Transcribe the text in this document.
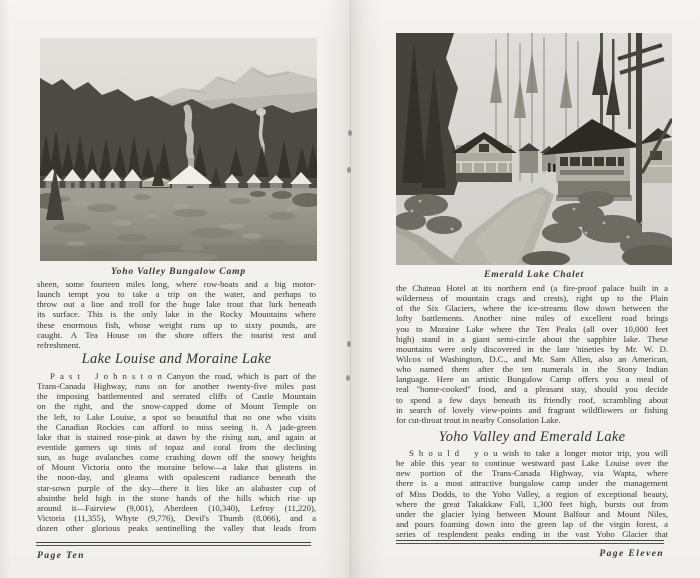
Yoho Valley Bungalow Camp
sheen, some fourteen miles long, where row-boats and a big motor-
launch tempt you to take a trip on the water, and perhaps to
throw out a line and troll for the huge lake trout that lurk beneath
its surface. This is the only lake in the Rocky Mountains where
these enormous fish, whose weight runs up to sixty pounds, are
caught. A Tea House on the shore offers the tourist rest and
refreshment.
Lake Louise and Moraine Lake
P a s t   J o h n s t o n Canyon the road, which is part of the
Trans-Canada Highway, runs on for another twenty-five miles past
the imposing battlemented and serrated cliffs of Castle Mountain
on the right, and the snow-capped dome of Mount Temple on
the left, to Lake Louise, a spot so beautiful that no one who visits
the Canadian Rockies can afford to miss seeing it. A jade-green
lake that is stained rose-pink at dawn by the rising sun, and again at
eventide garners up tints of topaz and coral from the declining
sun, as huge avalanches come crashing down off the snowy heights
of Mount Victoria onto the moraine below—a lake that glistens in
the noon-day, and gleams with opalescent radiance beneath the
star-sown purple of the sky—there it lies like an alabaster cup of
absinthe held high in the stone hands of the hills which rise up
around it—Fairview (9,001), Aberdeen (10,340), Lefroy (11,220),
Victoria (11,355), Whyte (9,776), Devil's Thumb (8,066), and a
dozen other glorious peaks sentinelling the valley that leads from
Page Ten
Emerald Lake Chalet
the Chateau Hotel at its northern end (a fire-proof palace built in a
wilderness of mountain crags and crests), right up to the Plain
of the Six Glaciers, where the ice-streams flow down between the
lofty battlements. Another nine miles of excellent road brings
you to Moraine Lake where the Ten Peaks (all over 10,000 feet
high) stand in a giant semi-circle about the sapphire lake. These
mountains were only discovered in the late 'nineties by Mr. W. D.
Wilcox of Washington, D.C., and Mr. Sam Allen, also an American,
who named them after the ten numerals in the Stony Indian
language. Here an artistic Bungalow Camp offers you a meal of
real "home-cooked" food, and a pleasant stay, should you decide
to spend a few days beneath its friendly roof, scrambling about
in search of lovely view-points and fragrant wildflowers or fishing
for cut-throat trout in nearby Consolation Lake.
Yoho Valley and Emerald Lake
S h o u l d   y o u wish to take a longer motor trip, you will
be able this year to continue westward past Lake Louise over the
new portion of the Trans-Canada Highway, via Wapta, where
there is a most attractive bungalow camp under the management
of Miss Dodds, to the Yoho Valley, a region of exceptional beauty,
where the great Takakkaw Fall, 1,300 feet high, bursts out from
under the glacier lying between Mount Balfour and Mount Niles,
and pours foaming down into the green lap of the virgin forest, a
series of resplendent peaks ending in the vast Yoho Glacier that
Page Eleven
